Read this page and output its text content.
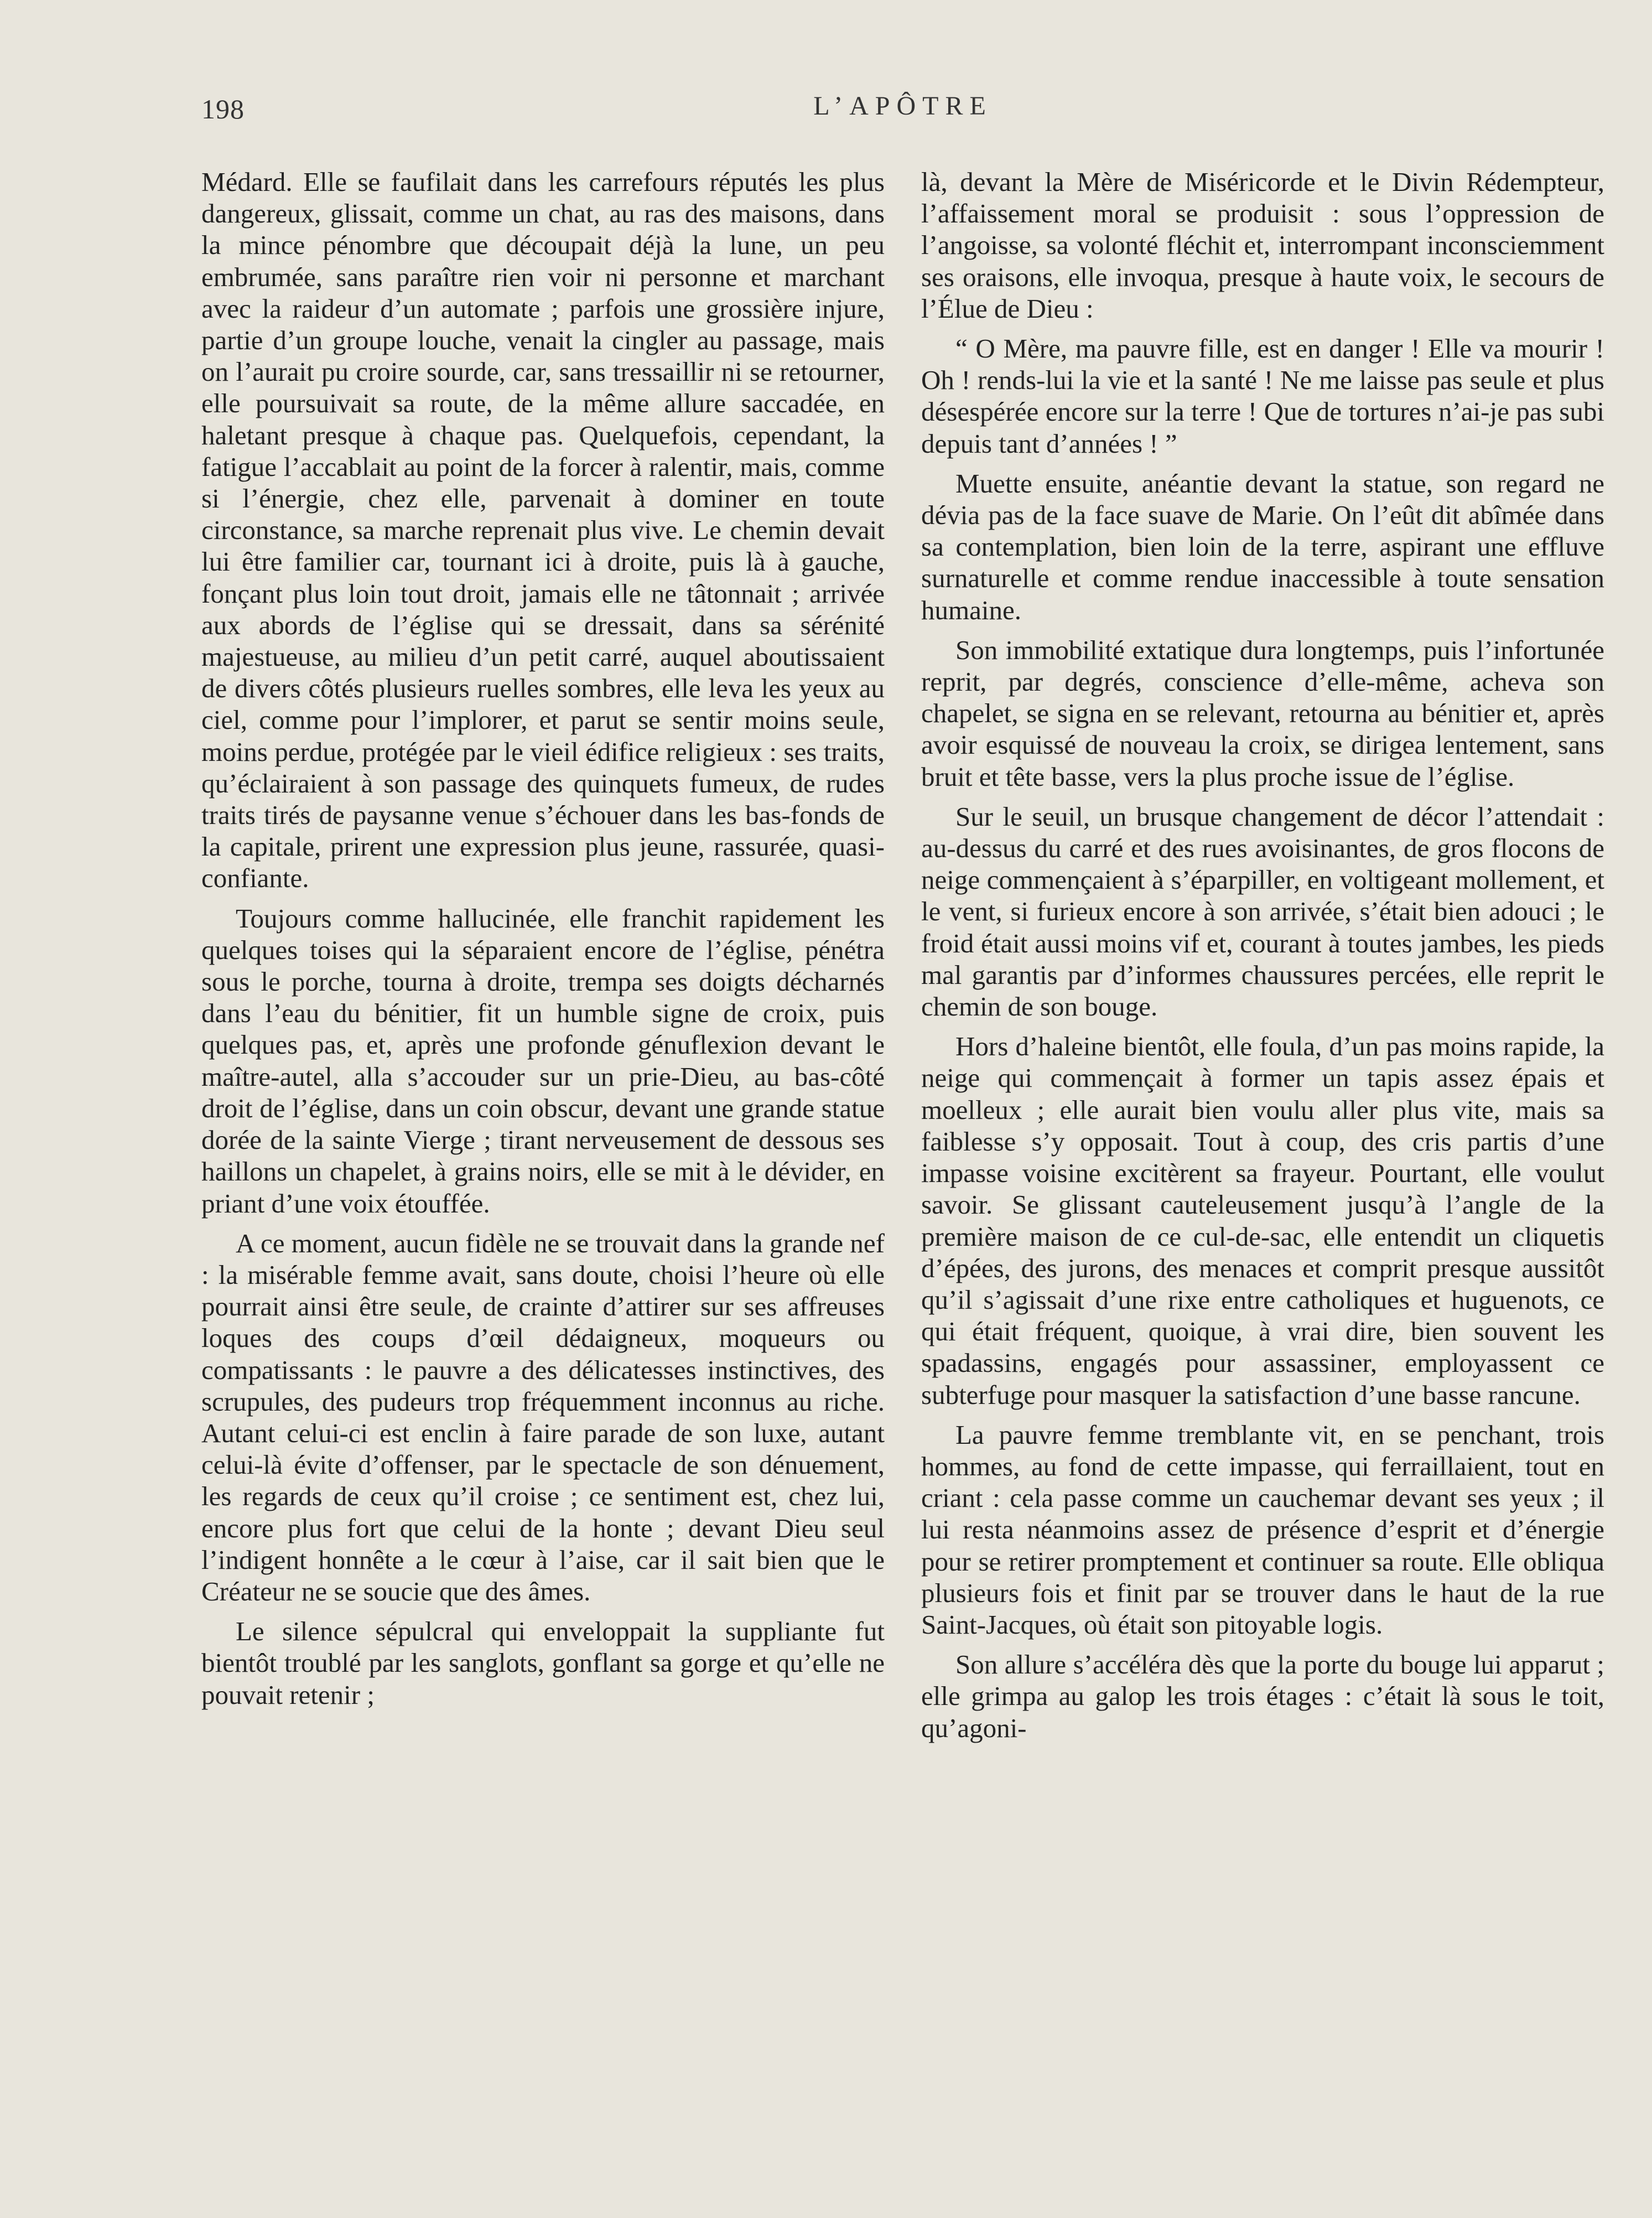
198	L’APÔTRE

Médard. Elle se faufilait dans les carrefours réputés les plus dangereux, glissait, comme un chat, au ras des maisons, dans la mince pénombre que découpait déjà la lune, un peu embrumée, sans paraître rien voir ni personne et marchant avec la raideur d’un automate ; parfois une grossière injure, partie d’un groupe louche, venait la cingler au passage, mais on l’aurait pu croire sourde, car, sans tressaillir ni se retourner, elle poursuivait sa route, de la même allure saccadée, en haletant presque à chaque pas. Quelquefois, cependant, la fatigue l’accablait au point de la forcer à ralentir, mais, comme si l’énergie, chez elle, parvenait à dominer en toute circonstance, sa marche reprenait plus vive. Le chemin devait lui être familier car, tournant ici à droite, puis là à gauche, fonçant plus loin tout droit, jamais elle ne tâtonnait ; arrivée aux abords de l’église qui se dressait, dans sa sérénité majestueuse, au milieu d’un petit carré, auquel aboutissaient de divers côtés plusieurs ruelles sombres, elle leva les yeux au ciel, comme pour l’implorer, et parut se sentir moins seule, moins perdue, protégée par le vieil édifice religieux : ses traits, qu’éclairaient à son passage des quinquets fumeux, de rudes traits tirés de paysanne venue s’échouer dans les bas-fonds de la capitale, prirent une expression plus jeune, rassurée, quasi-confiante.

Toujours comme hallucinée, elle franchit rapidement les quelques toises qui la séparaient encore de l’église, pénétra sous le porche, tourna à droite, trempa ses doigts décharnés dans l’eau du bénitier, fit un humble signe de croix, puis quelques pas, et, après une profonde génuflexion devant le maître-autel, alla s’accouder sur un prie-Dieu, au bas-côté droit de l’église, dans un coin obscur, devant une grande statue dorée de la sainte Vierge ; tirant nerveusement de dessous ses haillons un chapelet, à grains noirs, elle se mit à le dévider, en priant d’une voix étouffée.

A ce moment, aucun fidèle ne se trouvait dans la grande nef : la misérable femme avait, sans doute, choisi l’heure où elle pourrait ainsi être seule, de crainte d’attirer sur ses affreuses loques des coups d’œil dédaigneux, moqueurs ou compatissants : le pauvre a des délicatesses instinctives, des scrupules, des pudeurs trop fréquemment inconnus au riche. Autant celui-ci est enclin à faire parade de son luxe, autant celui-là évite d’offenser, par le spectacle de son dénuement, les regards de ceux qu’il croise ; ce sentiment est, chez lui, encore plus fort que celui de la honte ; devant Dieu seul l’indigent honnête a le cœur à l’aise, car il sait bien que le Créateur ne se soucie que des âmes.

Le silence sépulcral qui enveloppait la suppliante fut bientôt troublé par les sanglots, gonflant sa gorge et qu’elle ne pouvait retenir ;

là, devant la Mère de Miséricorde et le Divin Rédempteur, l’affaissement moral se produisit : sous l’oppression de l’angoisse, sa volonté fléchit et, interrompant inconsciemment ses oraisons, elle invoqua, presque à haute voix, le secours de l’Élue de Dieu :

“ O Mère, ma pauvre fille, est en danger ! Elle va mourir ! Oh ! rends-lui la vie et la santé ! Ne me laisse pas seule et plus désespérée encore sur la terre ! Que de tortures n’ai-je pas subi depuis tant d’années ! ”

Muette ensuite, anéantie devant la statue, son regard ne dévia pas de la face suave de Marie. On l’eût dit abîmée dans sa contemplation, bien loin de la terre, aspirant une effluve surnaturelle et comme rendue inaccessible à toute sensation humaine.

Son immobilité extatique dura longtemps, puis l’infortunée reprit, par degrés, conscience d’elle-même, acheva son chapelet, se signa en se relevant, retourna au bénitier et, après avoir esquissé de nouveau la croix, se dirigea lentement, sans bruit et tête basse, vers la plus proche issue de l’église.

Sur le seuil, un brusque changement de décor l’attendait : au-dessus du carré et des rues avoisinantes, de gros flocons de neige commençaient à s’éparpiller, en voltigeant mollement, et le vent, si furieux encore à son arrivée, s’était bien adouci ; le froid était aussi moins vif et, courant à toutes jambes, les pieds mal garantis par d’informes chaussures percées, elle reprit le chemin de son bouge.

Hors d’haleine bientôt, elle foula, d’un pas moins rapide, la neige qui commençait à former un tapis assez épais et moelleux ; elle aurait bien voulu aller plus vite, mais sa faiblesse s’y opposait. Tout à coup, des cris partis d’une impasse voisine excitèrent sa frayeur. Pourtant, elle voulut savoir. Se glissant cauteleusement jusqu’à l’angle de la première maison de ce cul-de-sac, elle entendit un cliquetis d’épées, des jurons, des menaces et comprit presque aussitôt qu’il s’agissait d’une rixe entre catholiques et huguenots, ce qui était fréquent, quoique, à vrai dire, bien souvent les spadassins, engagés pour assassiner, employassent ce subterfuge pour masquer la satisfaction d’une basse rancune.

La pauvre femme tremblante vit, en se penchant, trois hommes, au fond de cette impasse, qui ferraillaient, tout en criant : cela passe comme un cauchemar devant ses yeux ; il lui resta néanmoins assez de présence d’esprit et d’énergie pour se retirer promptement et continuer sa route. Elle obliqua plusieurs fois et finit par se trouver dans le haut de la rue Saint-Jacques, où était son pitoyable logis.

Son allure s’accéléra dès que la porte du bouge lui apparut ; elle grimpa au galop les trois étages : c’était là sous le toit, qu’agoni-
